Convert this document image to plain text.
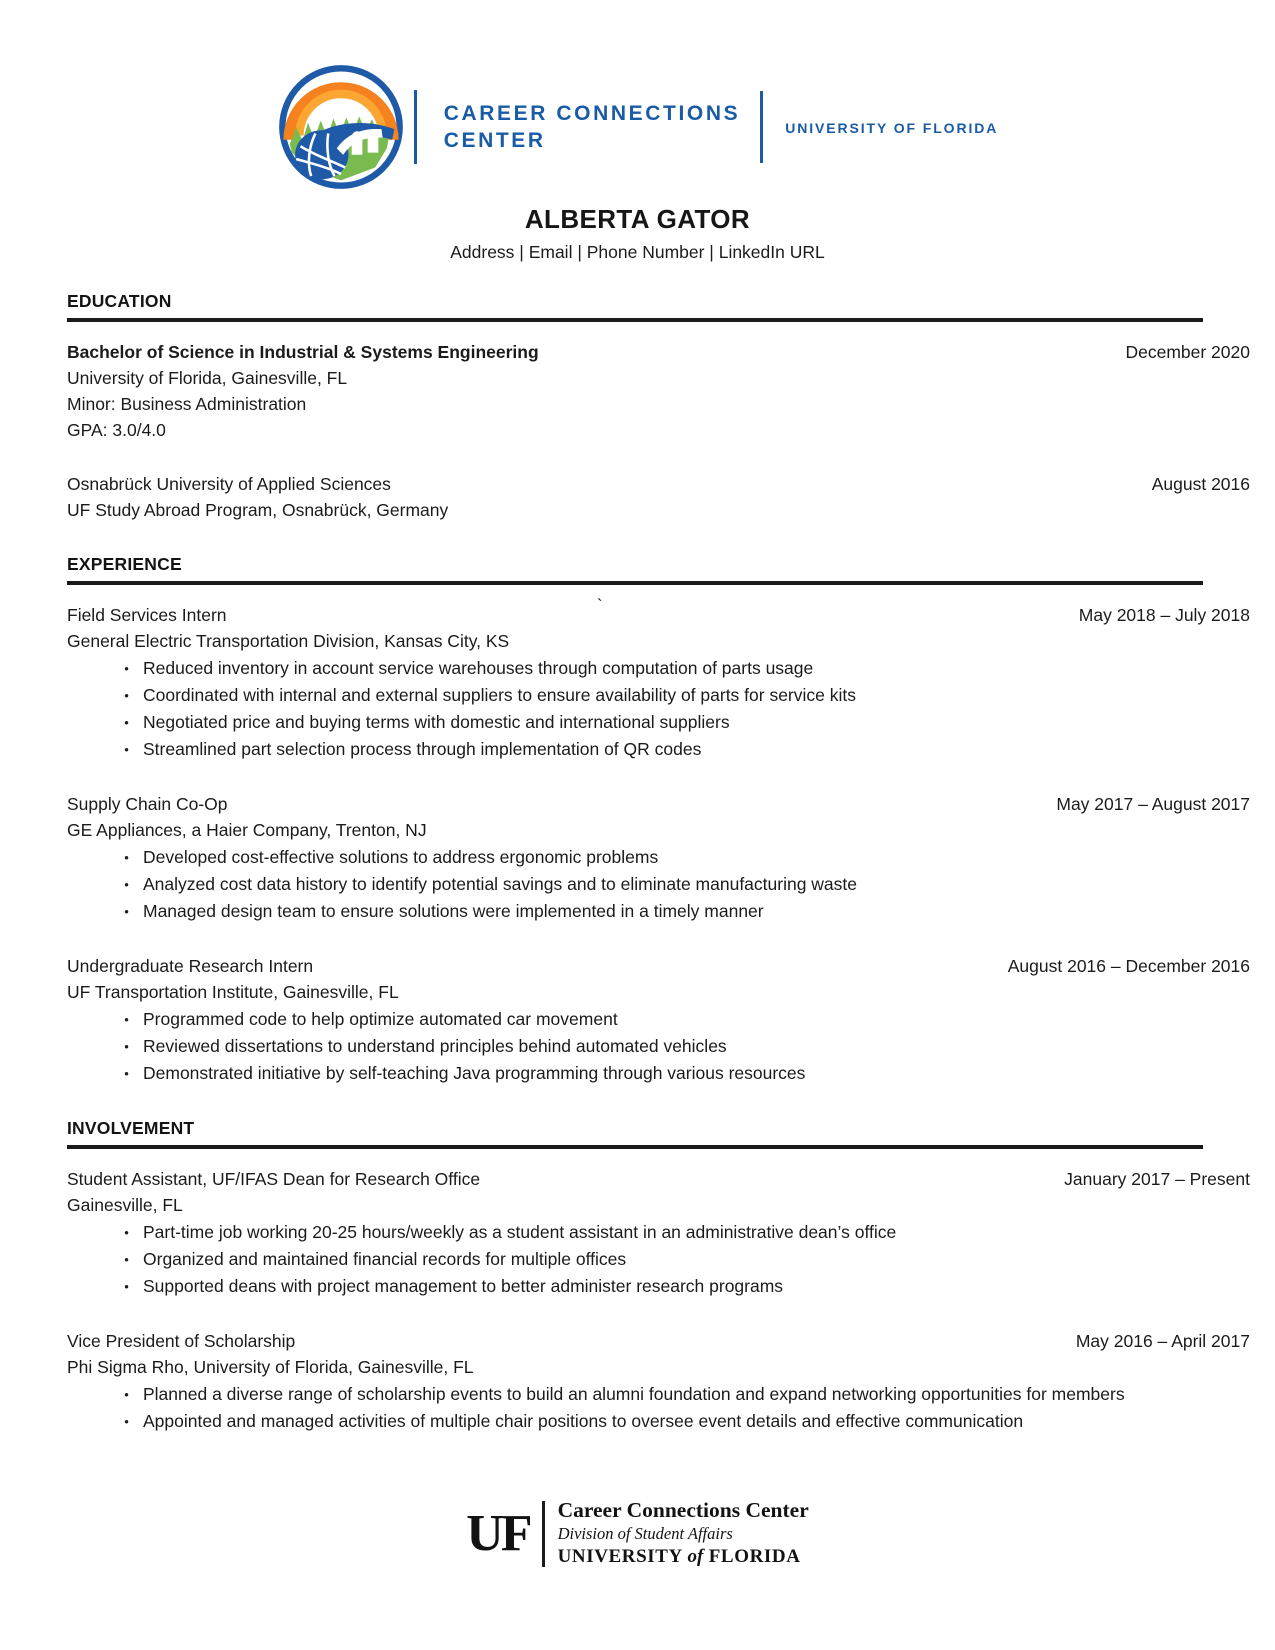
CAREER CONNECTIONS
CENTER
UNIVERSITY OF FLORIDA
ALBERTA GATOR
Address | Email | Phone Number | LinkedIn URL
EDUCATION
Bachelor of Science in Industrial & Systems Engineering	December 2020
University of Florida, Gainesville, FL
Minor: Business Administration
GPA: 3.0/4.0
Osnabrück University of Applied Sciences	August 2016
UF Study Abroad Program, Osnabrück, Germany
EXPERIENCE
Field Services Intern	`	May 2018 – July 2018
General Electric Transportation Division, Kansas City, KS
• Reduced inventory in account service warehouses through computation of parts usage
• Coordinated with internal and external suppliers to ensure availability of parts for service kits
• Negotiated price and buying terms with domestic and international suppliers
• Streamlined part selection process through implementation of QR codes
Supply Chain Co-Op	May 2017 – August 2017
GE Appliances, a Haier Company, Trenton, NJ
• Developed cost-effective solutions to address ergonomic problems
• Analyzed cost data history to identify potential savings and to eliminate manufacturing waste
• Managed design team to ensure solutions were implemented in a timely manner
Undergraduate Research Intern	August 2016 – December 2016
UF Transportation Institute, Gainesville, FL
• Programmed code to help optimize automated car movement
• Reviewed dissertations to understand principles behind automated vehicles
• Demonstrated initiative by self-teaching Java programming through various resources
INVOLVEMENT
Student Assistant, UF/IFAS Dean for Research Office	January 2017 – Present
Gainesville, FL
• Part-time job working 20-25 hours/weekly as a student assistant in an administrative dean’s office
• Organized and maintained financial records for multiple offices
• Supported deans with project management to better administer research programs
Vice President of Scholarship	May 2016 – April 2017
Phi Sigma Rho, University of Florida, Gainesville, FL
• Planned a diverse range of scholarship events to build an alumni foundation and expand networking opportunities for members
• Appointed and managed activities of multiple chair positions to oversee event details and effective communication
UF	Career Connections Center
Division of Student Affairs
UNIVERSITY of FLORIDA
